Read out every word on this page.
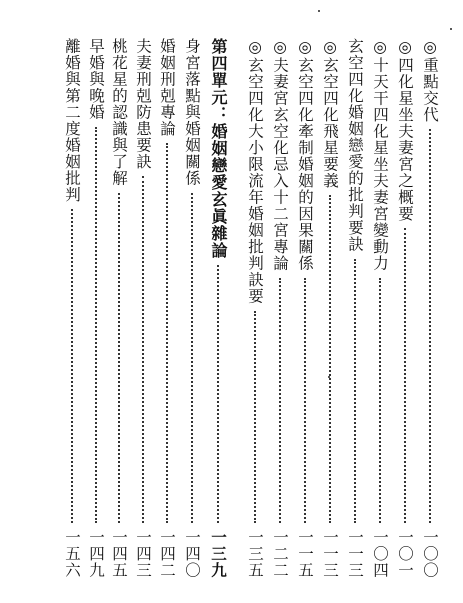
◎重點交代
一〇〇
◎四化星坐夫妻宮之概要
一〇一
◎十天干四化星坐夫妻宮變動力
一〇四
玄空四化婚姻戀愛的批判要訣
一一三
◎玄空四化飛星要義
一一三
◎玄空四化牽制婚姻的因果關係
一一五
◎夫妻宮玄空化忌入十二宮專論
一二二
◎玄空四化大小限流年婚姻批判訣要
一三五
第四單元：婚姻戀愛玄眞雜論
一三九
身宮落點與婚姻關係
一四〇
婚姻刑剋專論
一四二
夫妻刑剋防患要訣
一四三
桃花星的認識與了解
一四五
早婚與晚婚
一四九
離婚與第二度婚姻批判
一五六
